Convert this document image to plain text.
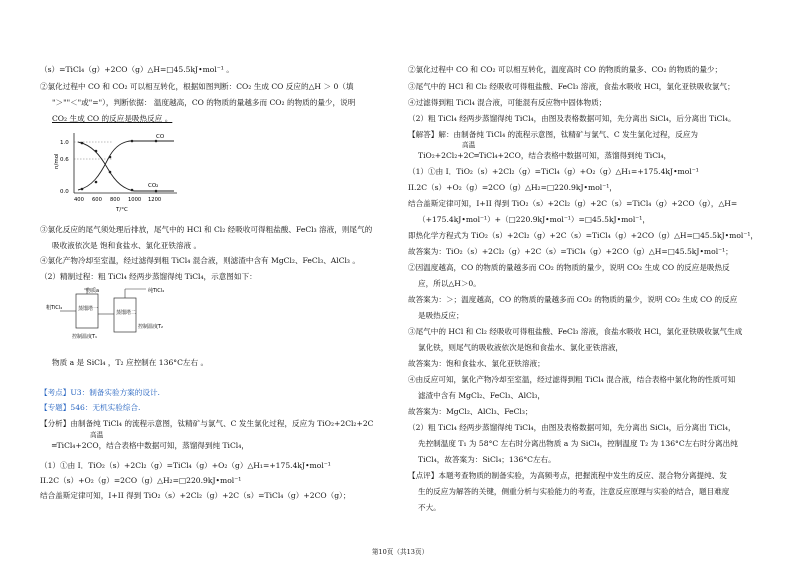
（s）=TiCl₄（g）+2CO（g）△H=□45.5kJ•mol⁻¹ 。
②氯化过程中 CO 和 CO₂ 可以相互转化，根据如图判断：CO₂ 生成 CO 反应的△H ＞ 0（填
"＞""＜"或"="），判断依据： 温度越高，CO 的物质的量越多而 CO₂ 的物质的量少，说明
CO₂ 生成 CO 的反应是吸热反应 。
n/mol
1.0
0.6
0.0
CO
CO₂
400 600 800 1000 1200
T/°C
③氯化反应的尾气须处理后排放，尾气中的 HCl 和 Cl₂ 经吸收可得粗盐酸、FeCl₃ 溶液，则尾气的
吸收液依次是 饱和食盐水、氯化亚铁溶液 。
④氯化产物冷却至室温，经过滤得到粗 TiCl₄ 混合液，则滤渣中含有 MgCl₂、FeCl₃、AlCl₃ 。
（2）精制过程：粗 TiCl₄ 经两步蒸馏得纯 TiCl₄，示意图如下：
物质a	纯TiCl₄
粗TiCl₄	蒸馏塔一
蒸馏塔二
控制温度T₁
控制温度T₂
物质 a 是 SiCl₄ ，T₂ 应控制在 136°C左右 。
【考点】U3：制备实验方案的设计.
【专题】546：无机实验综合.
【分析】由制备纯 TiCl₄ 的流程示意图，钛精矿与氯气、C 发生氯化过程，反应为 TiO₂+2Cl₂+2C
高温
═TiCl₄+2CO，结合表格中数据可知，蒸馏得到纯 TiCl₄，
（1）①由 I．TiO₂（s）+2Cl₂（g）=TiCl₄（g）+O₂（g）△H₁=+175.4kJ•mol⁻¹
II.2C（s）+O₂（g）=2CO（g）△H₂=□220.9kJ•mol⁻¹
结合盖斯定律可知，I+II 得到 TiO₂（s）+2Cl₂（g）+2C（s）=TiCl₄（g）+2CO（g）；
②氯化过程中 CO 和 CO₂ 可以相互转化，温度高时 CO 的物质的量多、CO₂ 的物质的量少；
③尾气中的 HCl 和 Cl₂ 经吸收可得粗盐酸、FeCl₃ 溶液，食盐水吸收 HCl，氯化亚铁吸收氯气；
④过滤得到粗 TiCl₄ 混合液，可能混有反应物中固体物质；
（2）粗 TiCl₄ 经两步蒸馏得纯 TiCl₄，由图及表格数据可知，先分离出 SiCl₄，后分离出 TiCl₄。
【解答】解：由制备纯 TiCl₄ 的流程示意图，钛精矿与氯气、C 发生氯化过程，反应为
高温
TiO₂+2Cl₂+2C═TiCl₄+2CO，结合表格中数据可知，蒸馏得到纯 TiCl₄，
（1）①由 I．TiO₂（s）+2Cl₂（g）=TiCl₄（g）+O₂（g）△H₁=+175.4kJ•mol⁻¹
II.2C（s）+O₂（g）=2CO（g）△H₂=□220.9kJ•mol⁻¹，
结合盖斯定律可知，I+II 得到 TiO₂（s）+2Cl₂（g）+2C（s）=TiCl₄（g）+2CO（g），△H=
（+175.4kJ•mol⁻¹）+（□220.9kJ•mol⁻¹）=□45.5kJ•mol⁻¹，
即热化学方程式为 TiO₂（s）+2Cl₂（g）+2C（s）=TiCl₄（g）+2CO（g）△H=□45.5kJ•mol⁻¹，
故答案为：TiO₂（s）+2Cl₂（g）+2C（s）=TiCl₄（g）+2CO（g）△H=□45.5kJ•mol⁻¹；
②因温度越高，CO 的物质的量越多而 CO₂ 的物质的量少，说明 CO₂ 生成 CO 的反应是吸热反
应，所以△H＞0。
故答案为：＞；温度越高，CO 的物质的量越多而 CO₂ 的物质的量少，说明 CO₂ 生成 CO 的反应
是吸热反应；
③尾气中的 HCl 和 Cl₂ 经吸收可得粗盐酸、FeCl₃ 溶液，食盐水吸收 HCl，氯化亚铁吸收氯气生成
氯化铁，则尾气的吸收液依次是饱和食盐水、氯化亚铁溶液，
故答案为：饱和食盐水、氯化亚铁溶液；
④由反应可知，氯化产物冷却至室温，经过滤得到粗 TiCl₄ 混合液，结合表格中氯化物的性质可知
滤渣中含有 MgCl₂、FeCl₃、AlCl₃，
故答案为：MgCl₂、AlCl₃、FeCl₃；
（2）粗 TiCl₄ 经两步蒸馏得纯 TiCl₄，由图及表格数据可知，先分离出 SiCl₄，后分离出 TiCl₄，
先控制温度 T₁ 为 58°C 左右时分离出物质 a 为 SiCl₄，控制温度 T₂ 为 136°C左右时分离出纯
TiCl₄，故答案为：SiCl₄；136°C左右。
【点评】本题考查物质的制备实验，为高频考点，把握流程中发生的反应、混合物分离提纯、发
生的反应为解答的关键，侧重分析与实验能力的考查，注意反应原理与实验的结合，题目难度
不大。
第10页（共13页）
